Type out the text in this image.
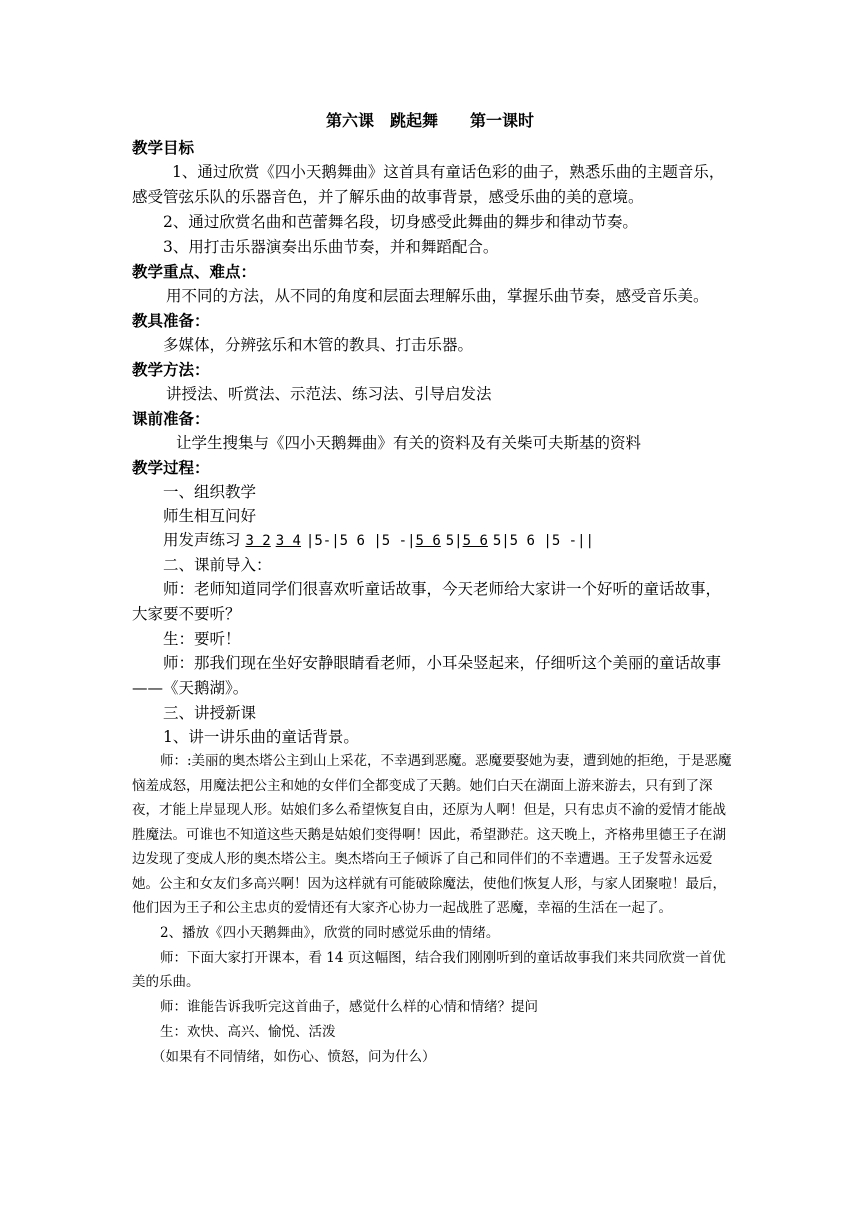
第六课　跳起舞　　第一课时

教学目标

1、通过欣赏《四小天鹅舞曲》这首具有童话色彩的曲子，熟悉乐曲的主题音乐，感受管弦乐队的乐器音色，并了解乐曲的故事背景，感受乐曲的美的意境。

2、通过欣赏名曲和芭蕾舞名段，切身感受此舞曲的舞步和律动节奏。

3、用打击乐器演奏出乐曲节奏，并和舞蹈配合。

教学重点、难点：

用不同的方法，从不同的角度和层面去理解乐曲，掌握乐曲节奏，感受音乐美。

教具准备：

多媒体，分辨弦乐和木管的教具、打击乐器。

教学方法：

讲授法、听赏法、示范法、练习法、引导启发法

课前准备：

让学生搜集与《四小天鹅舞曲》有关的资料及有关柴可夫斯基的资料

教学过程：

一、组织教学

师生相互问好

用发声练习 3 2 3 4 |5-|5 6 |5 -|5 6 5|5 6 5|5 6 |5 -||

二、课前导入：

师：老师知道同学们很喜欢听童话故事，今天老师给大家讲一个好听的童话故事，大家要不要听？

生：要听！

师：那我们现在坐好安静眼睛看老师，小耳朵竖起来，仔细听这个美丽的童话故事——《天鹅湖》。

三、讲授新课

1、讲一讲乐曲的童话背景。

师：:美丽的奥杰塔公主到山上采花，不幸遇到恶魔。恶魔要娶她为妻，遭到她的拒绝，于是恶魔恼羞成怒，用魔法把公主和她的女伴们全都变成了天鹅。她们白天在湖面上游来游去，只有到了深夜，才能上岸显现人形。姑娘们多么希望恢复自由，还原为人啊！但是，只有忠贞不渝的爱情才能战胜魔法。可谁也不知道这些天鹅是姑娘们变得啊！因此，希望渺茫。这天晚上，齐格弗里德王子在湖边发现了变成人形的奥杰塔公主。奥杰塔向王子倾诉了自己和同伴们的不幸遭遇。王子发誓永远爱她。公主和女友们多高兴啊！因为这样就有可能破除魔法，使他们恢复人形，与家人团聚啦！最后，他们因为王子和公主忠贞的爱情还有大家齐心协力一起战胜了恶魔，幸福的生活在一起了。

2、播放《四小天鹅舞曲》，欣赏的同时感觉乐曲的情绪。

师：下面大家打开课本，看 14 页这幅图，结合我们刚刚听到的童话故事我们来共同欣赏一首优美的乐曲。

师：谁能告诉我听完这首曲子，感觉什么样的心情和情绪？提问

生：欢快、高兴、愉悦、活泼

（如果有不同情绪，如伤心、愤怒，问为什么）
